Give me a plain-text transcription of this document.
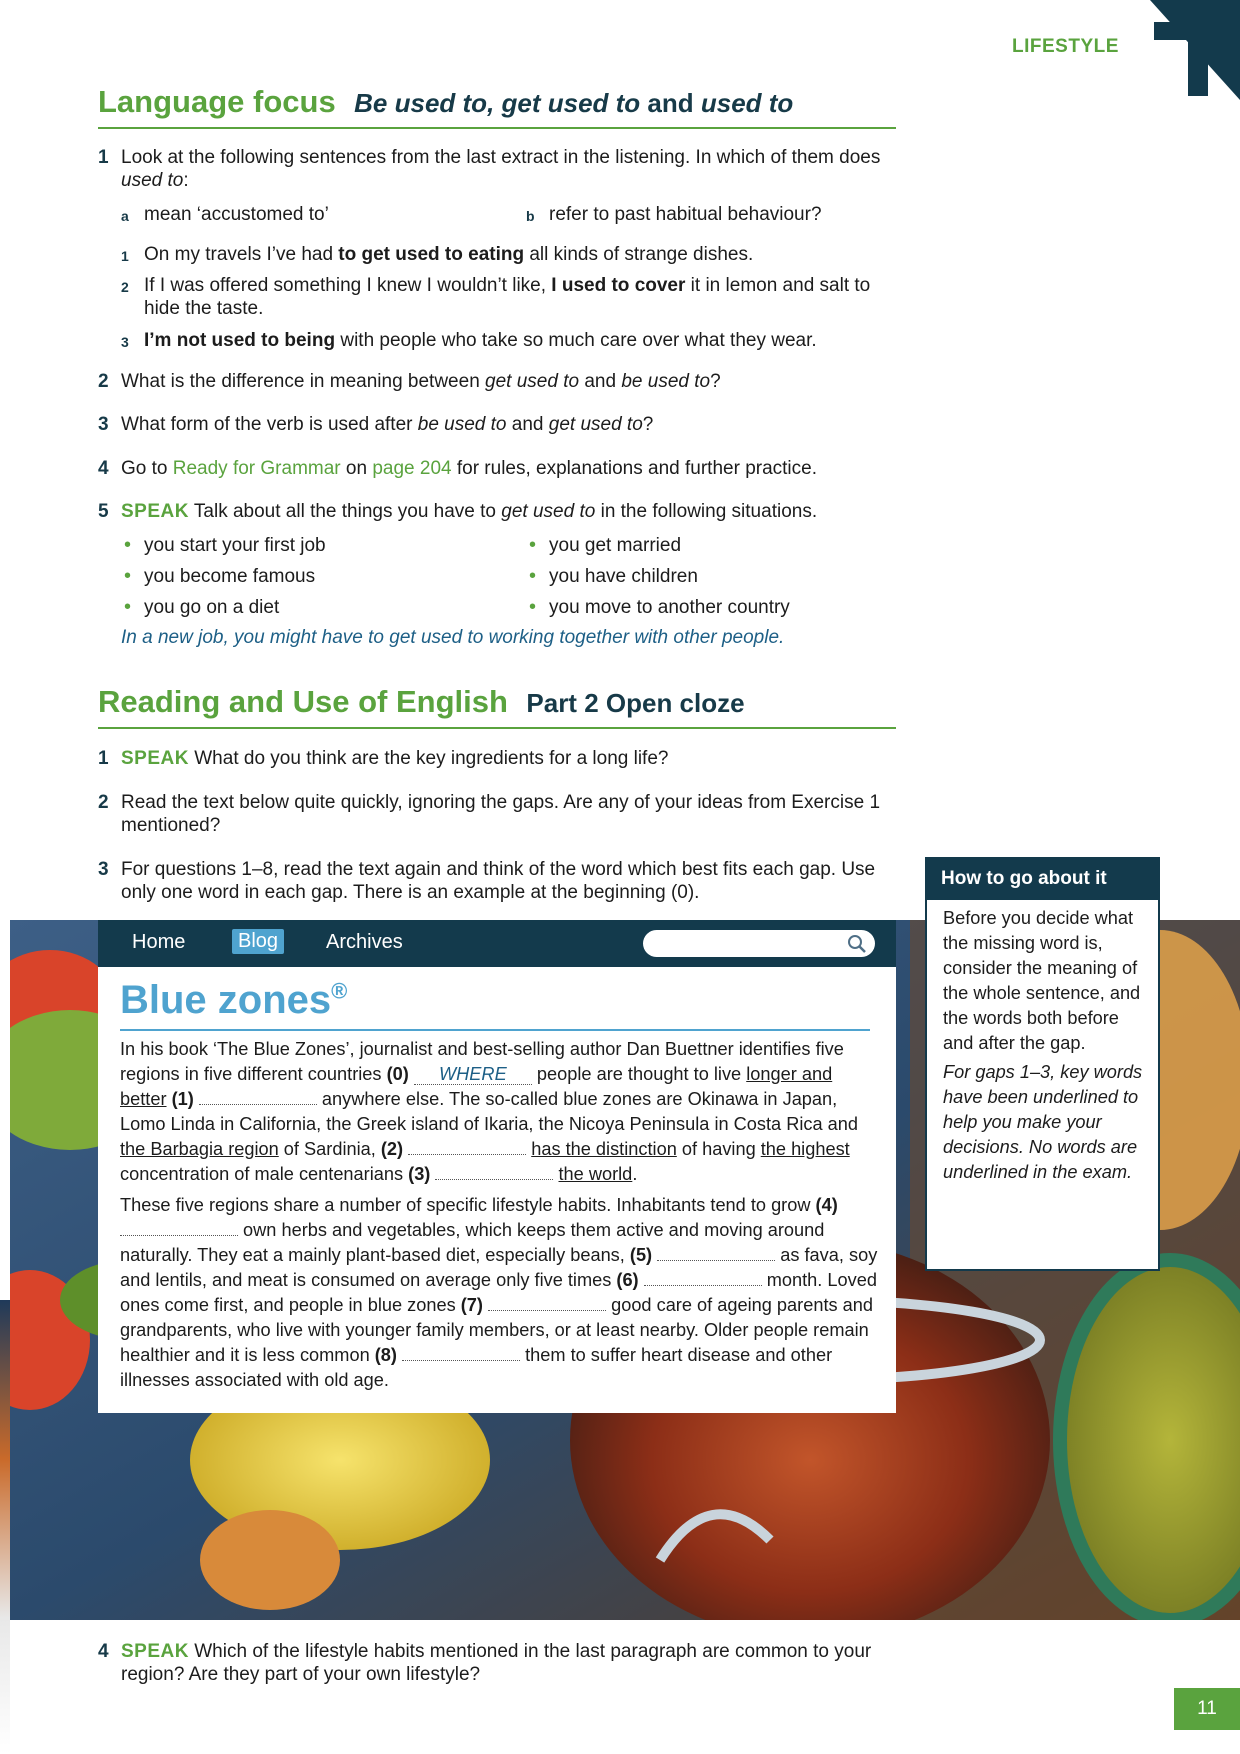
LIFESTYLE
Language focus Be used to, get used to and used to
1 Look at the following sentences from the last extract in the listening. In which of them does used to:
a mean ‘accustomed to’	b refer to past habitual behaviour?
1 On my travels I’ve had to get used to eating all kinds of strange dishes.
2 If I was offered something I knew I wouldn’t like, I used to cover it in lemon and salt to hide the taste.
3 I’m not used to being with people who take so much care over what they wear.
2 What is the difference in meaning between get used to and be used to?
3 What form of the verb is used after be used to and get used to?
4 Go to Ready for Grammar on page 204 for rules, explanations and further practice.
5 SPEAK Talk about all the things you have to get used to in the following situations.
• you start your first job
• you become famous
• you go on a diet
• you get married
• you have children
• you move to another country
In a new job, you might have to get used to working together with other people.
Reading and Use of English Part 2 Open cloze
1 SPEAK What do you think are the key ingredients for a long life?
2 Read the text below quite quickly, ignoring the gaps. Are any of your ideas from Exercise 1 mentioned?
3 For questions 1–8, read the text again and think of the word which best fits each gap. Use only one word in each gap. There is an example at the beginning (0).
Home	Blog	Archives
Blue zones®

In his book ‘The Blue Zones’, journalist and best-selling author Dan Buettner identifies five regions in five different countries (0) WHERE people are thought to live longer and better (1)	anywhere else. The so-called blue zones are Okinawa in Japan, Lomo Linda in California, the Greek island of Ikaria, the Nicoya Peninsula in Costa Rica and the Barbagia region of Sardinia, (2)	has the distinction of having the highest concentration of male centenarians (3)	the world.

These five regions share a number of specific lifestyle habits. Inhabitants tend to grow (4)  own herbs and vegetables, which keeps them active and moving around naturally. They eat a mainly plant-based diet, especially beans, (5)	as fava, soy and lentils, and meat is consumed on average only five times (6)	month. Loved ones come first, and people in blue zones (7)	good care of ageing parents and grandparents, who live with younger family members, or at least nearby. Older people remain healthier and it is less common (8)	them to suffer heart disease and other illnesses associated with old age.

How to go about it

Before you decide what the missing word is, consider the meaning of the whole sentence, and the words both before and after the gap.

For gaps 1–3, key words have been underlined to help you make your decisions. No words are underlined in the exam.

4 SPEAK Which of the lifestyle habits mentioned in the last paragraph are common to your region? Are they part of your own lifestyle?
11
